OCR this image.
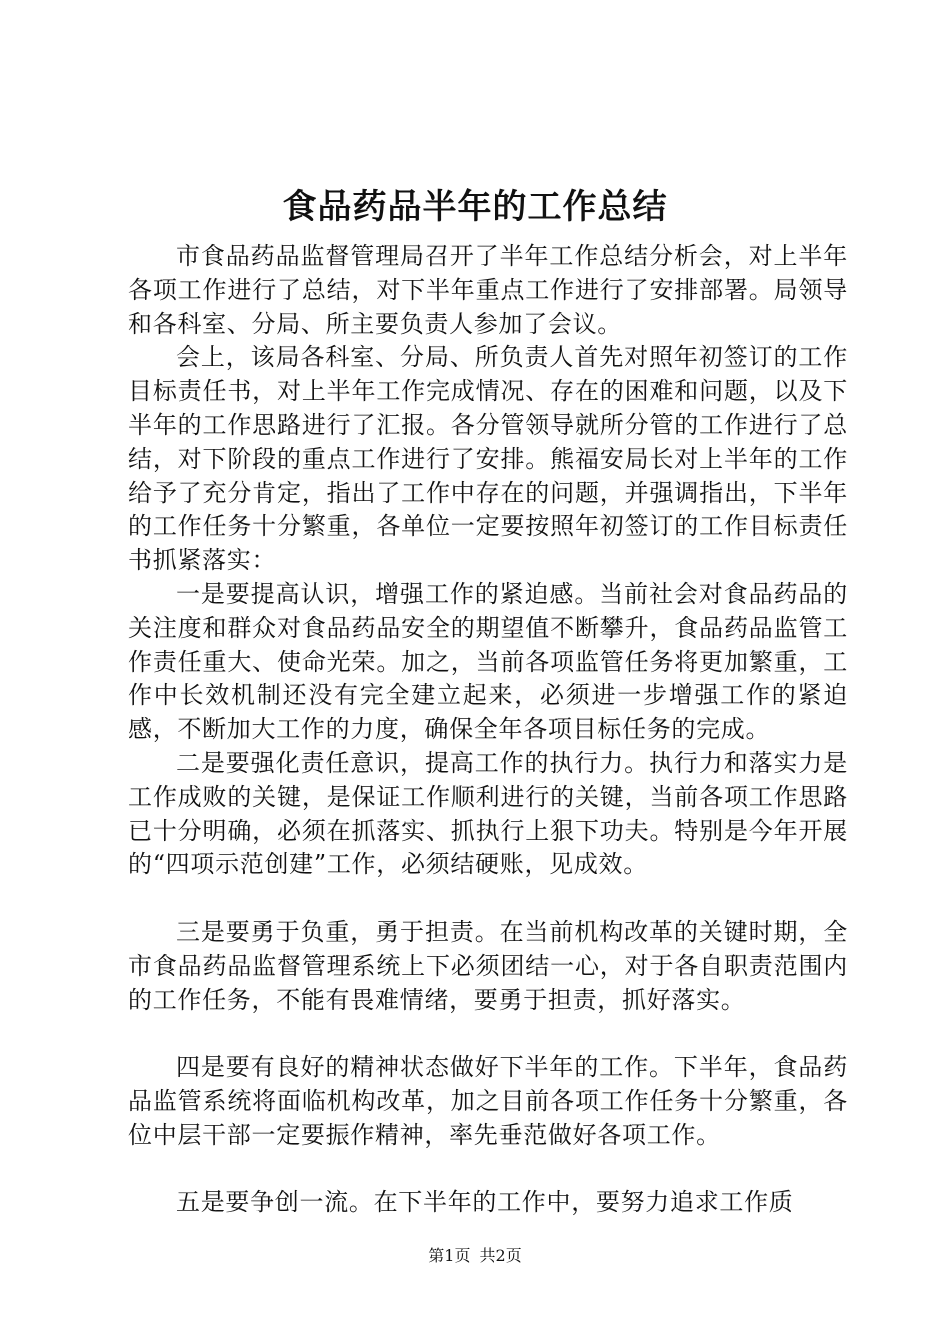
食品药品半年的工作总结

市食品药品监督管理局召开了半年工作总结分析会，对上半年各项工作进行了总结，对下半年重点工作进行了安排部署。局领导和各科室、分局、所主要负责人参加了会议。

会上，该局各科室、分局、所负责人首先对照年初签订的工作目标责任书，对上半年工作完成情况、存在的困难和问题，以及下半年的工作思路进行了汇报。各分管领导就所分管的工作进行了总结，对下阶段的重点工作进行了安排。熊福安局长对上半年的工作给予了充分肯定，指出了工作中存在的问题，并强调指出，下半年的工作任务十分繁重，各单位一定要按照年初签订的工作目标责任书抓紧落实：

一是要提高认识，增强工作的紧迫感。当前社会对食品药品的关注度和群众对食品药品安全的期望值不断攀升，食品药品监管工作责任重大、使命光荣。加之，当前各项监管任务将更加繁重，工作中长效机制还没有完全建立起来，必须进一步增强工作的紧迫感，不断加大工作的力度，确保全年各项目标任务的完成。

二是要强化责任意识，提高工作的执行力。执行力和落实力是工作成败的关键，是保证工作顺利进行的关键，当前各项工作思路已十分明确，必须在抓落实、抓执行上狠下功夫。特别是今年开展的“四项示范创建”工作，必须结硬账，见成效。

三是要勇于负重，勇于担责。在当前机构改革的关键时期，全市食品药品监督管理系统上下必须团结一心，对于各自职责范围内的工作任务，不能有畏难情绪，要勇于担责，抓好落实。

四是要有良好的精神状态做好下半年的工作。下半年，食品药品监管系统将面临机构改革，加之目前各项工作任务十分繁重，各位中层干部一定要振作精神，率先垂范做好各项工作。

五是要争创一流。在下半年的工作中，要努力追求工作质

第1页 共2页
